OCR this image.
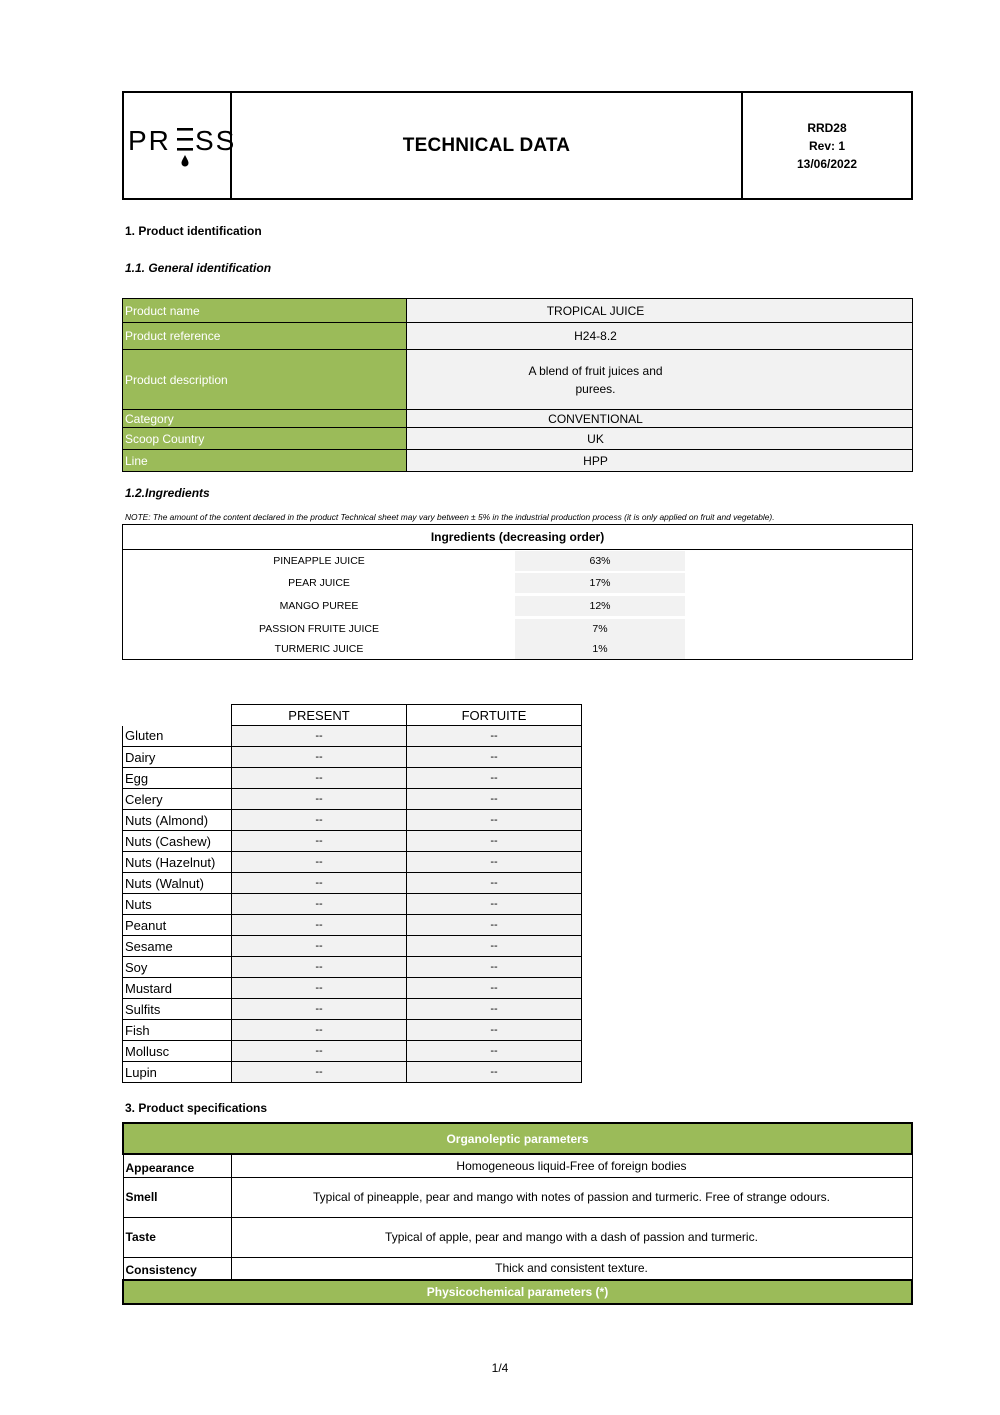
PR SS	TECHNICAL DATA
RRD28
Rev: 1
13/06/2022
1. Product identification
1.1. General identification
Product name	TROPICAL JUICE
Product reference	H24-8.2
Product description	A blend of fruit juices and purees.

Category	CONVENTIONAL
Scoop Country	UK
Line	HPP
1.2.Ingredients
NOTE: The amount of the content declared in the product Technical sheet may vary between ± 5% in the industrial production process (it is only applied on fruit and vegetable).
Ingredients (decreasing order)
PINEAPPLE JUICE	63%
PEAR JUICE	17%
MANGO PUREE	12%
PASSION FRUITE JUICE	7%
TURMERIC JUICE	1%
	PRESENT	FORTUITE
Gluten	--	--
Dairy	--	--
Egg	--	--
Celery	--	--
Nuts (Almond)	--	--
Nuts (Cashew)	--	--
Nuts (Hazelnut)	--	--
Nuts (Walnut)	--	--
Nuts	--	--
Peanut	--	--
Sesame	--	--
Soy	--	--
Mustard	--	--
Sulfits	--	--
Fish	--	--
Mollusc	--	--
Lupin	--	--
3. Product specifications
Organoleptic parameters	
Appearance	Homogeneous liquid-Free of foreign bodies
Smell	Typical of pineapple, pear and mango with notes of passion and turmeric. Free of strange odours.
Taste	Typical of apple, pear and mango with a dash of passion and turmeric.
Consistency	Thick and consistent texture.
Physicochemical parameters (*)	
1/4
